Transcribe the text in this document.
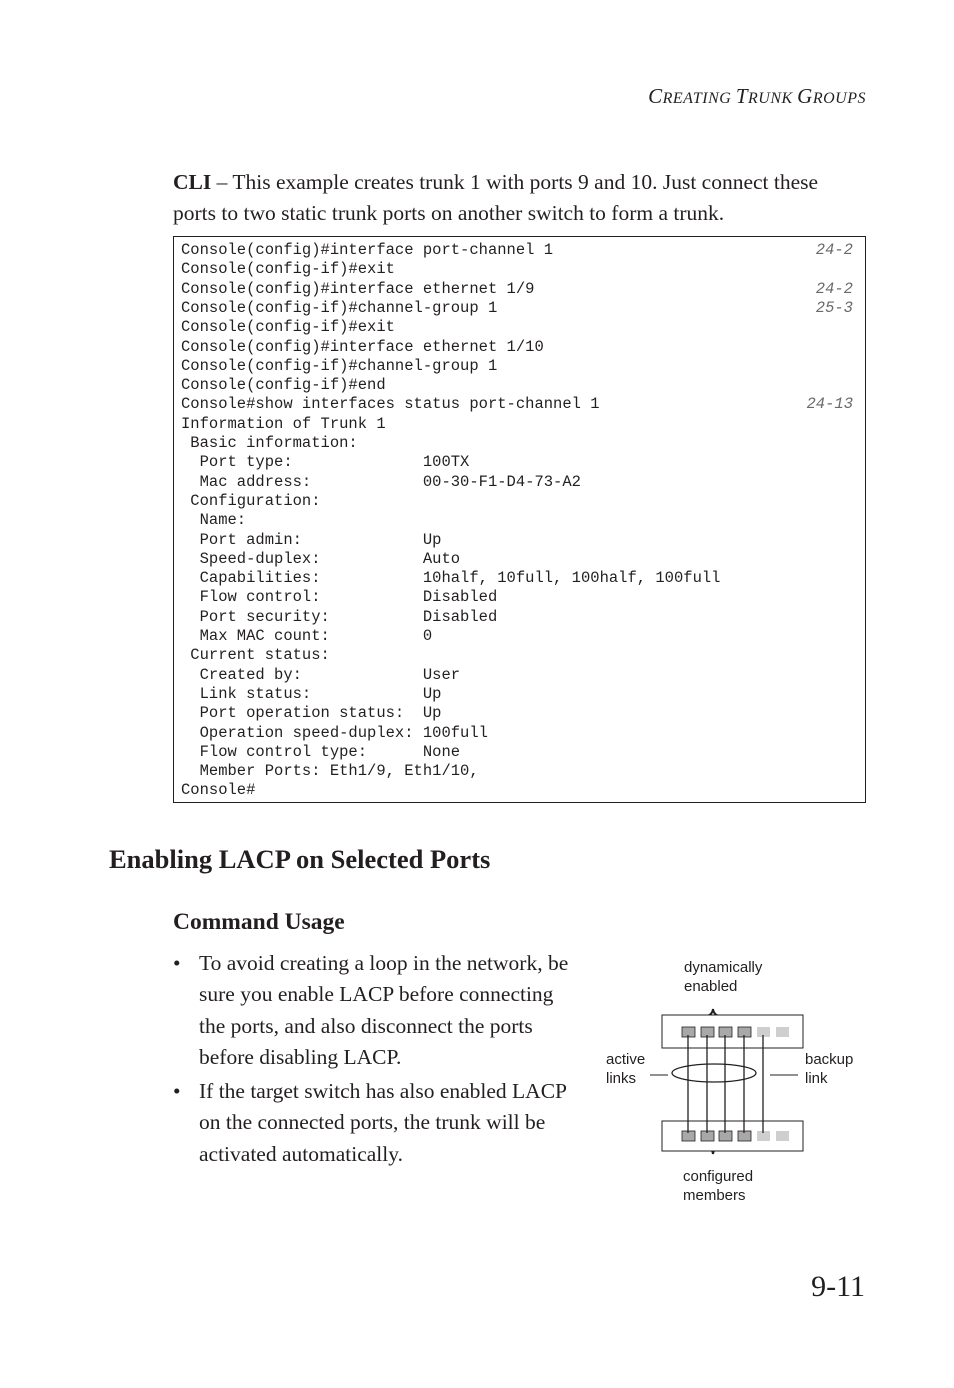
CREATING TRUNK GROUPS
CLI – This example creates trunk 1 with ports 9 and 10. Just connect these ports to two static trunk ports on another switch to form a trunk.
Console(config)#interface port-channel 1	24-2
Console(config-if)#exit
Console(config)#interface ethernet 1/9	24-2
Console(config-if)#channel-group 1	25-3
Console(config-if)#exit
Console(config)#interface ethernet 1/10
Console(config-if)#channel-group 1
Console(config-if)#end
Console#show interfaces status port-channel 1	24-13
Information of Trunk 1
Basic information:
Port type:              100TX
Mac address:            00-30-F1-D4-73-A2
Configuration:
Name:
Port admin:             Up
Speed-duplex:           Auto
Capabilities:           10half, 10full, 100half, 100full
Flow control:           Disabled
Port security:          Disabled
Max MAC count:          0
Current status:
Created by:             User
Link status:            Up
Port operation status:  Up
Operation speed-duplex: 100full
Flow control type:      None
Member Ports: Eth1/9, Eth1/10,
Console#
Enabling LACP on Selected Ports
Command Usage
• To avoid creating a loop in the network, be sure you enable LACP before connecting the ports, and also disconnect the ports before disabling LACP.
• If the target switch has also enabled LACP on the connected ports, the trunk will be activated automatically.
dynamically
enabled
active
links
backup
link
configured
members
9-11
